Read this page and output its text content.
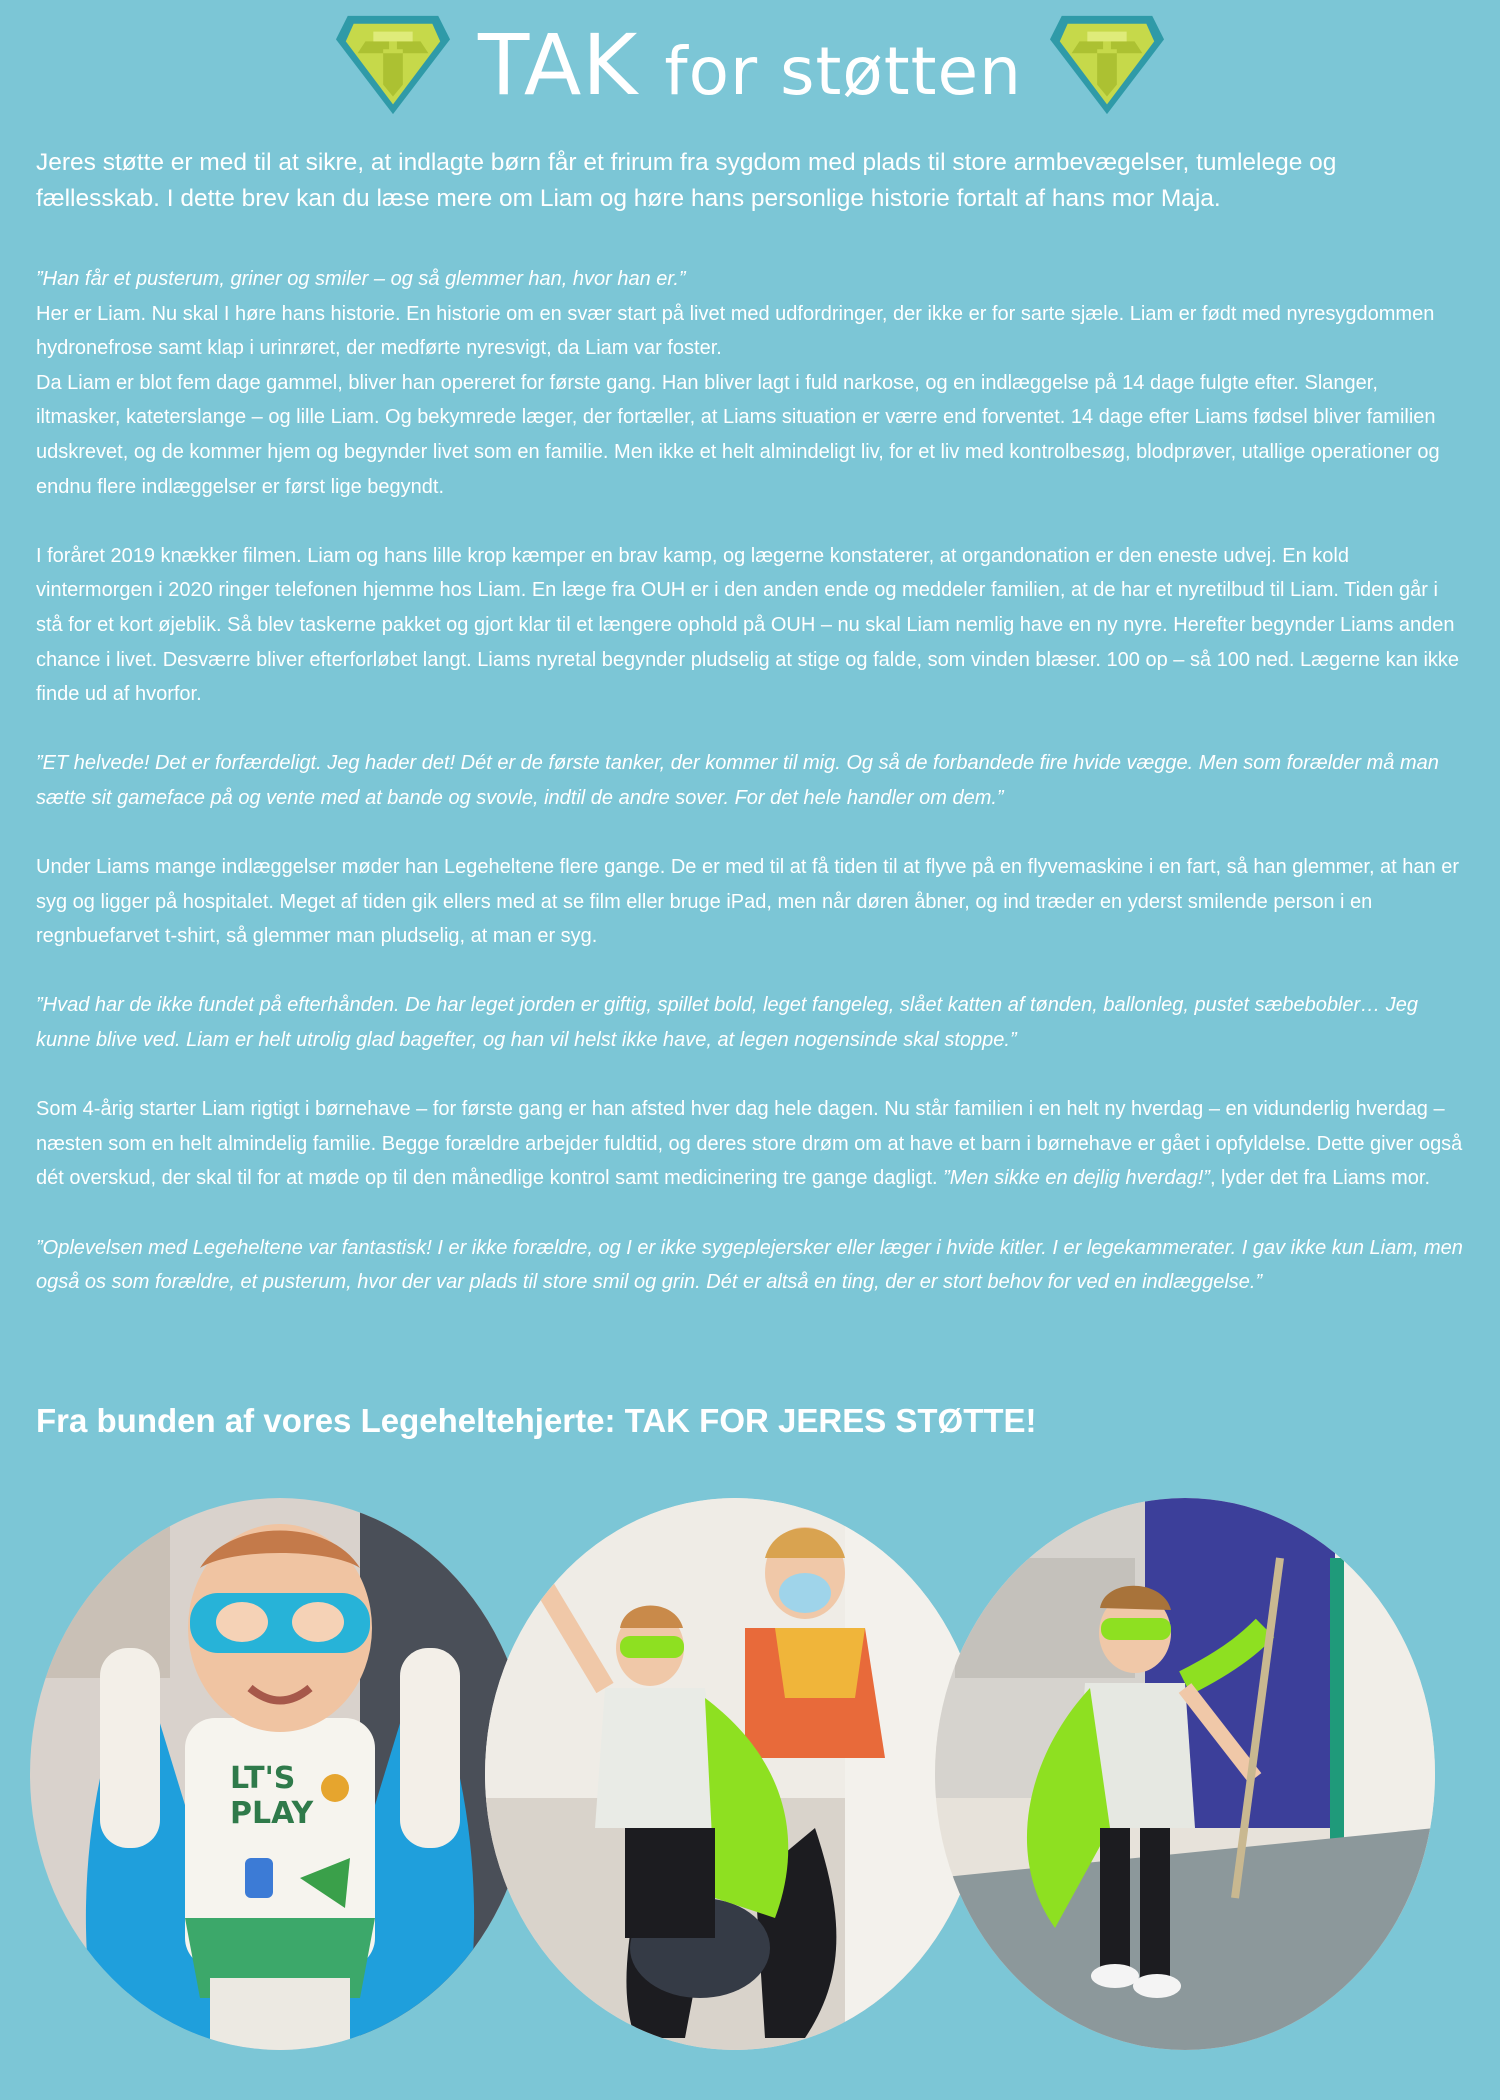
TAK for støtten

Jeres støtte er med til at sikre, at indlagte børn får et frirum fra sygdom med plads til store armbevægelser, tumlelege og fællesskab. I dette brev kan du læse mere om Liam og høre hans personlige historie fortalt af hans mor Maja.

”Han får et pusterum, griner og smiler – og så glemmer han, hvor han er.”

Her er Liam. Nu skal I høre hans historie. En historie om en svær start på livet med udfordringer, der ikke er for sarte sjæle. Liam er født med nyresygdommen hydronefrose samt klap i urinrøret, der medførte nyresvigt, da Liam var foster.

Da Liam er blot fem dage gammel, bliver han opereret for første gang. Han bliver lagt i fuld narkose, og en indlæggelse på 14 dage fulgte efter. Slanger, iltmasker, kateterslange – og lille Liam. Og bekymrede læger, der fortæller, at Liams situation er værre end forventet. 14 dage efter Liams fødsel bliver familien udskrevet, og de kommer hjem og begynder livet som en familie. Men ikke et helt almindeligt liv, for et liv med kontrolbesøg, blodprøver, utallige operationer og endnu flere indlæggelser er først lige begyndt.

I foråret 2019 knækker filmen. Liam og hans lille krop kæmper en brav kamp, og lægerne konstaterer, at organdonation er den eneste udvej. En kold vintermorgen i 2020 ringer telefonen hjemme hos Liam. En læge fra OUH er i den anden ende og meddeler familien, at de har et nyretilbud til Liam. Tiden går i stå for et kort øjeblik. Så blev taskerne pakket og gjort klar til et længere ophold på OUH – nu skal Liam nemlig have en ny nyre. Herefter begynder Liams anden chance i livet. Desværre bliver efterforløbet langt. Liams nyretal begynder pludselig at stige og falde, som vinden blæser. 100 op – så 100 ned. Lægerne kan ikke finde ud af hvorfor.

”ET helvede! Det er forfærdeligt. Jeg hader det! Dét er de første tanker, der kommer til mig. Og så de forbandede fire hvide vægge. Men som forælder må man sætte sit gameface på og vente med at bande og svovle, indtil de andre sover. For det hele handler om dem.”

Under Liams mange indlæggelser møder han Legeheltene flere gange. De er med til at få tiden til at flyve på en flyvemaskine i en fart, så han glemmer, at han er syg og ligger på hospitalet. Meget af tiden gik ellers med at se film eller bruge iPad, men når døren åbner, og ind træder en yderst smilende person i en regnbuefarvet t-shirt, så glemmer man pludselig, at man er syg.

”Hvad har de ikke fundet på efterhånden. De har leget jorden er giftig, spillet bold, leget fangeleg, slået katten af tønden, ballonleg, pustet sæbebobler… Jeg kunne blive ved. Liam er helt utrolig glad bagefter, og han vil helst ikke have, at legen nogensinde skal stoppe.”

Som 4-årig starter Liam rigtigt i børnehave – for første gang er han afsted hver dag hele dagen. Nu står familien i en helt ny hverdag – en vidunderlig hverdag – næsten som en helt almindelig familie. Begge forældre arbejder fuldtid, og deres store drøm om at have et barn i børnehave er gået i opfyldelse. Dette giver også dét overskud, der skal til for at møde op til den månedlige kontrol samt medicinering tre gange dagligt. ”Men sikke en dejlig hverdag!”, lyder det fra Liams mor.

”Oplevelsen med Legeheltene var fantastisk! I er ikke forældre, og I er ikke sygeplejersker eller læger i hvide kitler. I er legekammerater. I gav ikke kun Liam, men også os som forældre, et pusterum, hvor der var plads til store smil og grin. Dét er altså en ting, der er stort behov for ved en indlæggelse.”

Fra bunden af vores Legeheltehjerte: TAK FOR JERES STØTTE!

LT'S
PLAY
